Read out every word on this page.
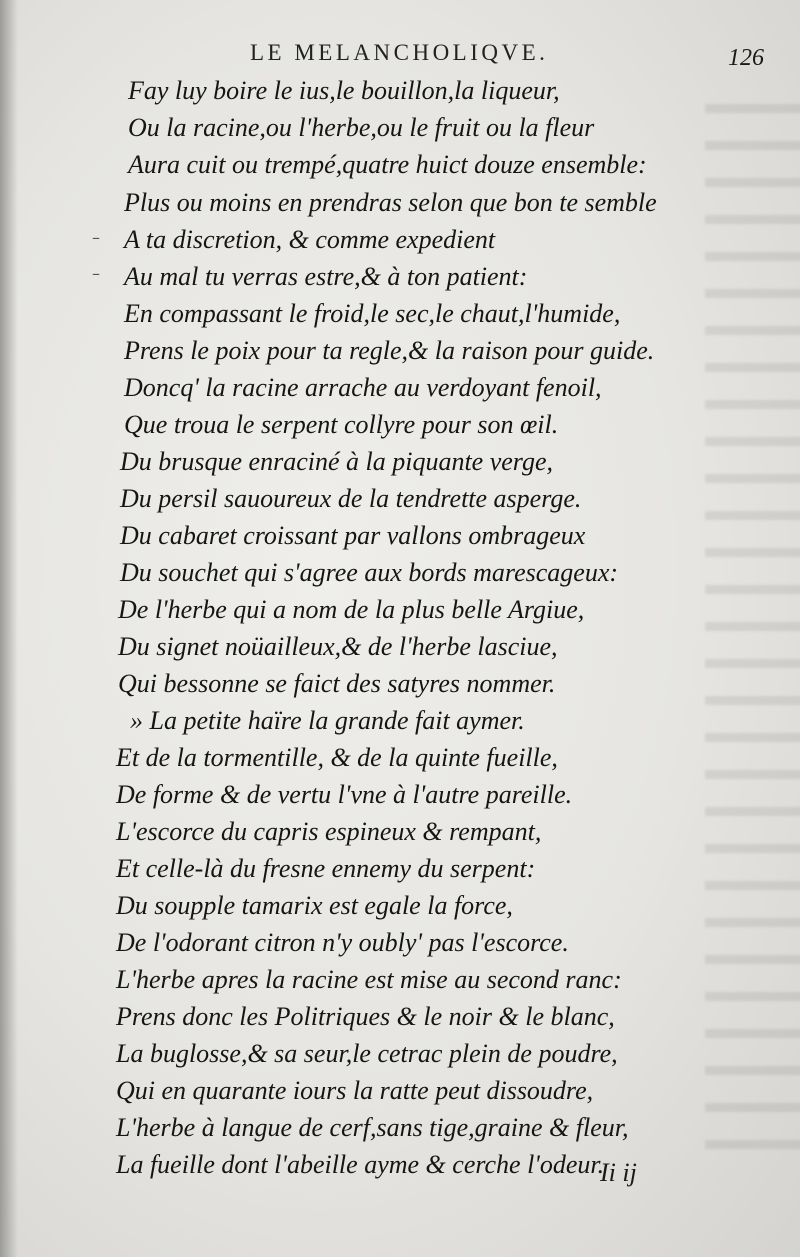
LE MELANCHOLIQVE.	126
Fay luy boire le ius,le bouillon,la liqueur,
Ou la racine,ou l'herbe,ou le fruit ou la fleur
Aura cuit ou trempé,quatre huict douze ensemble:
Plus ou moins en prendras selon que bon te semble
A ta discretion, & comme expedient
Au mal tu verras estre,& à ton patient:
En compassant le froid,le sec,le chaut,l'humide,
Prens le poix pour ta regle,& la raison pour guide.
Doncq' la racine arrache au verdoyant fenoil,
Que troua le serpent collyre pour son œil.
Du brusque enraciné à la piquante verge,
Du persil sauoureux de la tendrette asperge.
Du cabaret croissant par vallons ombrageux
Du souchet qui s'agree aux bords marescageux:
De l'herbe qui a nom de la plus belle Argiue,
Du signet noüailleux,& de l'herbe lasciue,
Qui bessonne se faict des satyres nommer.
» La petite haïre la grande fait aymer.
Et de la tormentille, & de la quinte fueille,
De forme & de vertu l'vne à l'autre pareille.
L'escorce du capris espineux & rempant,
Et celle-là du fresne ennemy du serpent:
Du soupple tamarix est egale la force,
De l'odorant citron n'y oubly' pas l'escorce.
L'herbe apres la racine est mise au second ranc:
Prens donc les Politriques & le noir & le blanc,
La buglosse,& sa seur,le cetrac plein de poudre,
Qui en quarante iours la ratte peut dissoudre,
L'herbe à langue de cerf,sans tige,graine & fleur,
La fueille dont l'abeille ayme & cerche l'odeur.
Ii ij
–
–
